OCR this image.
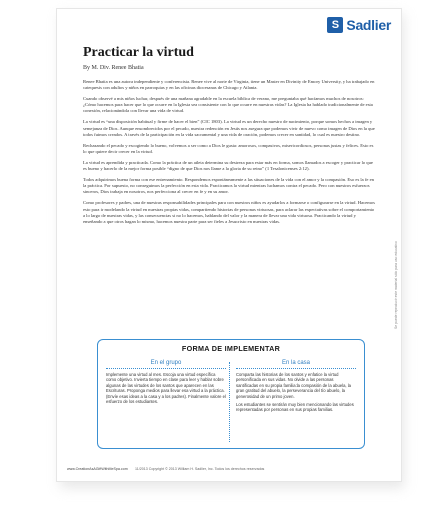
S Sadlier
Practicar la virtud
By M. Div. Renee Bhatia

Renee Bhatia es una autora independiente y conferencista. Renee vive al norte de Virginia, tiene un Master en Divinity de Emory University, y ha trabajado en catequesis con adultos y niños en parroquias y en las oficinas diocesanas de Chicago y Atlanta.

Cuando observé a mis niños luchar, después de una mañana agradable en la escuela bíblica de verano, me preguntaba qué hacíamos muchos de nosotros: ¿Cómo hacemos para hacer que lo que ocurre en la Iglesia sea consistente con lo que ocurre en nuestras vidas? La Iglesia ha hablado tradicionalmente de esta conexión, relacionándola con llevar una vida de virtud.

La virtud es “una disposición habitual y firme de hacer el bien” (CIC 1803). La virtud es un derecho nuestro de nacimiento, porque somos hechos a imagen y semejanza de Dios. Aunque ensombrecidos por el pecado, nuestra redención en Jesús nos asegura que podemos vivir de nuevo como imagen de Dios en la que todos fuimos creados. A través de la participación en la vida sacramental y una vida de oración, podemos crecer en santidad, lo cual es nuestro destino.

Rechazando el pecado y escogiendo lo bueno, volvemos a ser como a Dios le gusta: amorosos, compasivos, misericordiosos, personas justas y felices. Esto es lo que quiere decir crecer en la virtud.

La virtud es aprendida y practicada. Como la práctica de un atleta determina su destreza para estar más en forma, somos llamados a escoger y practicar lo que es bueno y hacerlo de la mejor forma posible “digno de que Dios nos llame a la gloria de su reino” (1 Tesalonicenses 2:12).

Todos adquirimos buena forma con ese entrenamiento. Respondemos espontáneamente a las situaciones de la vida con el amor y la compasión. Eso es la fe en la práctica. Por supuesto, no conseguimos la perfección en esta vida. Practicamos la virtud mientras luchamos contra el pecado. Pero con nuestros esfuerzos sinceros, Dios trabaja en nosotros, nos perfecciona al crecer en fe y en su amor.

Como profesores y padres, una de nuestras responsabilidades principales para con nuestros niños es ayudarlos a formarse o configurarse en la virtud. Hacemos esto para ir modelando la virtud en nuestras propias vidas, compartiendo historias de personas virtuosas, para aclarar las expectativas sobre el comportamiento a lo largo de nuestras vidas, y las consecuencias si no lo hacemos, hablando del valor y la manera de llevar una vida virtuosa. Practicando la virtud y enseñando a que otros hagan lo mismo, hacemos nuestra parte para ser fieles a Jesucristo en nuestras vidas.

FORMA DE IMPLEMENTAR
En el grupo

Implemente una virtud al mes. Escoja una virtud específica como objetivo. Invierta tiempo en clase para leer y hablar sobre algunas de las virtudes de los santos que aparecen en las Escrituras. Proponga medios para llevar esa virtud a la práctica. (Envíe esas ideas a la casa y a los padres). Finalmente valore el esfuerzo de los estudiantes.

En la casa

Comparta las historias de los santos y enfatice la virtud personificada en sus vidas. No olvide a las personas santificadas en su propia familia:la compasión de la abuela, la gran gratitud del abuelo, la perseverancia del tío abuelo, la generosidad de un primo joven.

Los estudiantes se sentirán muy bien mencionando las virtudes representadas por personas en sus propias familias.

www.CreationAsAGiftWithMeSpa.com 11/2013 Copyright © 2013 William H. Sadlier, Inc. Todos los derechos reservados
Se puede reproducir este material sólo para uso educativo
